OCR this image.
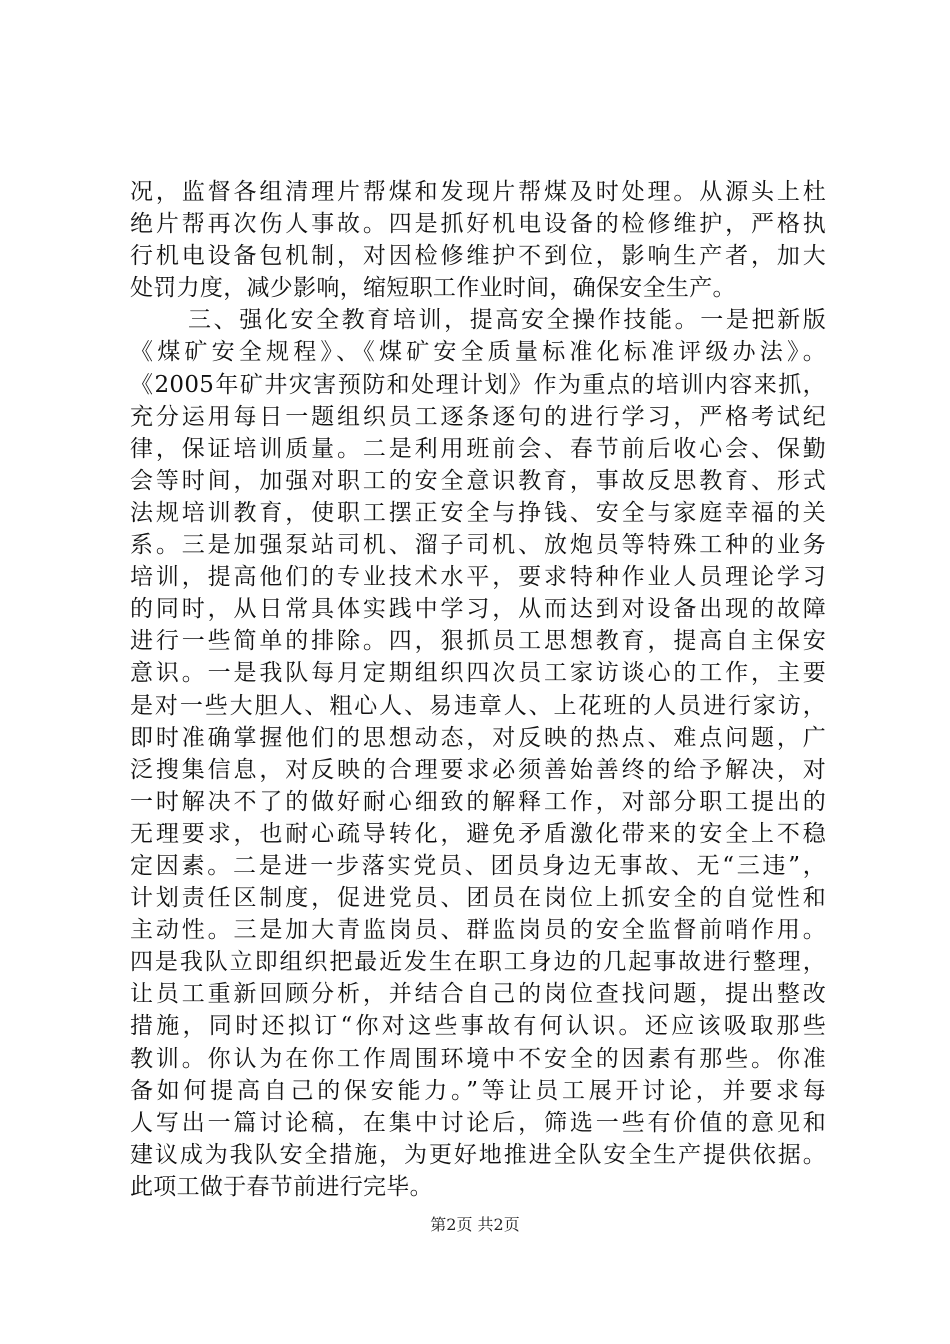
况，监督各组清理片帮煤和发现片帮煤及时处理。从源头上杜
绝片帮再次伤人事故。四是抓好机电设备的检修维护，严格执
行机电设备包机制，对因检修维护不到位，影响生产者，加大
处罚力度，减少影响，缩短职工作业时间，确保安全生产。
三、强化安全教育培训，提高安全操作技能。一是把新版
《煤矿安全规程》、《煤矿安全质量标准化标准评级办法》。
《2005年矿井灾害预防和处理计划》作为重点的培训内容来抓，
充分运用每日一题组织员工逐条逐句的进行学习，严格考试纪
律，保证培训质量。二是利用班前会、春节前后收心会、保勤
会等时间，加强对职工的安全意识教育，事故反思教育、形式
法规培训教育，使职工摆正安全与挣钱、安全与家庭幸福的关
系。三是加强泵站司机、溜子司机、放炮员等特殊工种的业务
培训，提高他们的专业技术水平，要求特种作业人员理论学习
的同时，从日常具体实践中学习，从而达到对设备出现的故障
进行一些简单的排除。四，狠抓员工思想教育，提高自主保安
意识。一是我队每月定期组织四次员工家访谈心的工作，主要
是对一些大胆人、粗心人、易违章人、上花班的人员进行家访，
即时准确掌握他们的思想动态，对反映的热点、难点问题，广
泛搜集信息，对反映的合理要求必须善始善终的给予解决，对
一时解决不了的做好耐心细致的解释工作，对部分职工提出的
无理要求，也耐心疏导转化，避免矛盾激化带来的安全上不稳
定因素。二是进一步落实党员、团员身边无事故、无“三违”，
计划责任区制度，促进党员、团员在岗位上抓安全的自觉性和
主动性。三是加大青监岗员、群监岗员的安全监督前哨作用。
四是我队立即组织把最近发生在职工身边的几起事故进行整理，
让员工重新回顾分析，并结合自己的岗位查找问题，提出整改
措施，同时还拟订“你对这些事故有何认识。还应该吸取那些
教训。你认为在你工作周围环境中不安全的因素有那些。你准
备如何提高自己的保安能力。”等让员工展开讨论，并要求每
人写出一篇讨论稿，在集中讨论后，筛选一些有价值的意见和
建议成为我队安全措施，为更好地推进全队安全生产提供依据。
此项工做于春节前进行完毕。
第2页 共2页
